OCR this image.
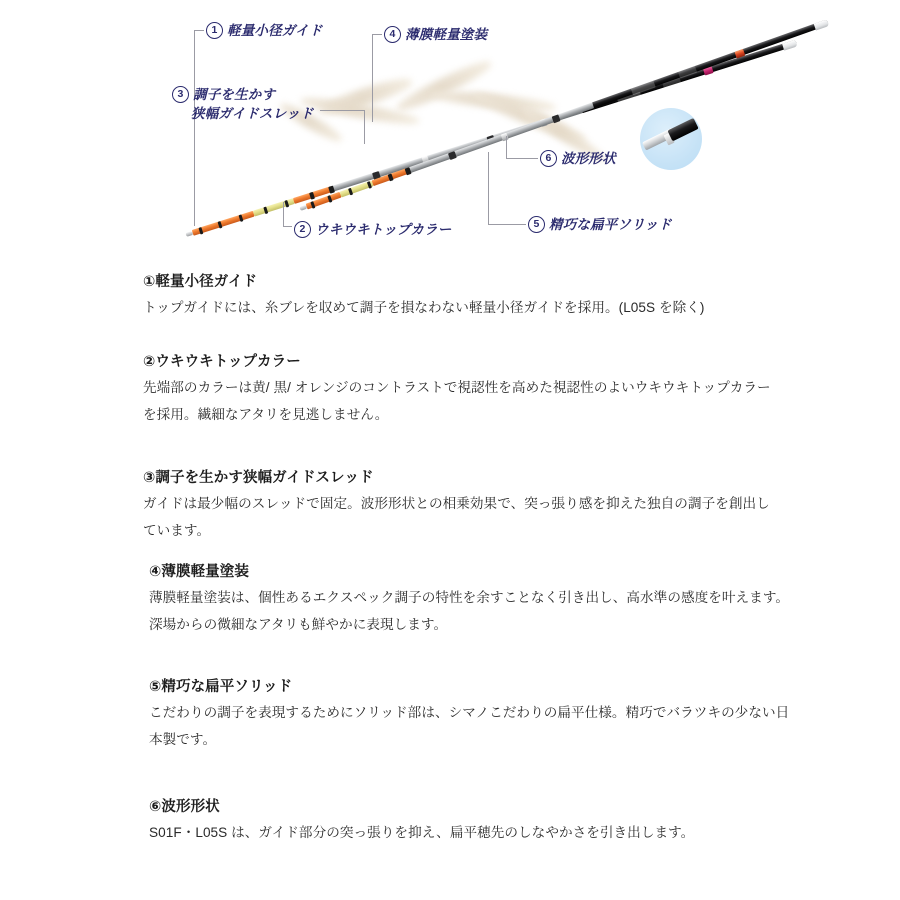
1 軽量小径ガイド
3 調子を生かす
狭幅ガイドスレッド
2 ウキウキトップカラー
4 薄膜軽量塗装
6 波形形状
5 精巧な扁平ソリッド
①軽量小径ガイド

トップガイドには、糸ブレを収めて調子を損なわない軽量小径ガイドを採用。(L05S を除く)

②ウキウキトップカラー

先端部のカラーは黄/ 黒/ オレンジのコントラストで視認性を高めた視認性のよいウキウキトップカラー

を採用。繊細なアタリを見逃しません。

③調子を生かす狭幅ガイドスレッド

ガイドは最少幅のスレッドで固定。波形形状との相乗効果で、突っ張り感を抑えた独自の調子を創出し

ています。

④薄膜軽量塗装

薄膜軽量塗装は、個性あるエクスペック調子の特性を余すことなく引き出し、高水準の感度を叶えます。

深場からの微細なアタリも鮮やかに表現します。

⑤精巧な扁平ソリッド

こだわりの調子を表現するためにソリッド部は、シマノこだわりの扁平仕様。精巧でバラツキの少ない日

本製です。

⑥波形形状

S01F・L05S は、ガイド部分の突っ張りを抑え、扁平穂先のしなやかさを引き出します。
